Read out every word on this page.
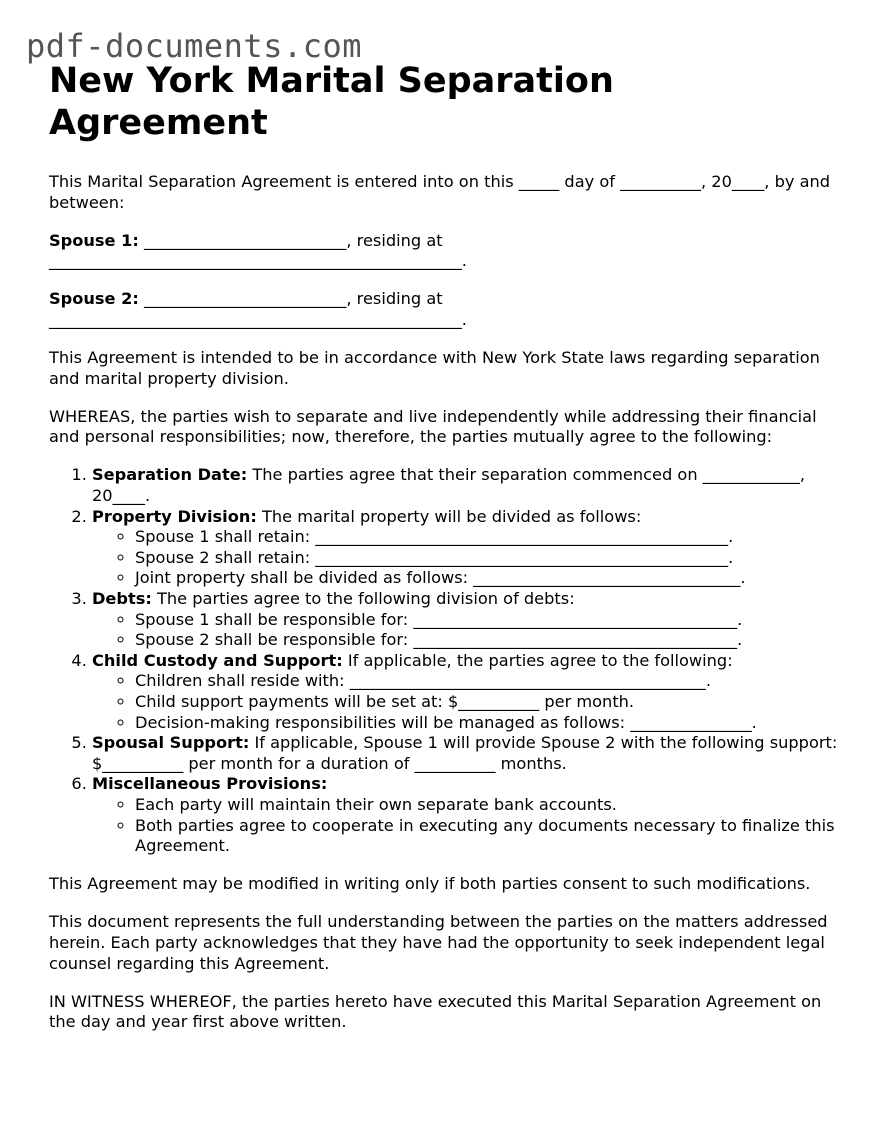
pdf-documents.com
New York Marital Separation Agreement

This Marital Separation Agreement is entered into on this _____ day of __________, 20____, by and between:

Spouse 1: _________________________, residing at ___________________________________________________.

Spouse 2: _________________________, residing at ___________________________________________________.

This Agreement is intended to be in accordance with New York State laws regarding separation and marital property division.

WHEREAS, the parties wish to separate and live independently while addressing their financial and personal responsibilities; now, therefore, the parties mutually agree to the following:

1. Separation Date: The parties agree that their separation commenced on ____________, 20____.
2. Property Division: The marital property will be divided as follows:
◦ Spouse 1 shall retain: ___________________________________________________.
◦ Spouse 2 shall retain: ___________________________________________________.
◦ Joint property shall be divided as follows: _________________________________.
3. Debts: The parties agree to the following division of debts:
◦ Spouse 1 shall be responsible for: ________________________________________.
◦ Spouse 2 shall be responsible for: ________________________________________.
4. Child Custody and Support: If applicable, the parties agree to the following:
◦ Children shall reside with: ____________________________________________.
◦ Child support payments will be set at: $__________ per month.
◦ Decision-making responsibilities will be managed as follows: _______________.
5. Spousal Support: If applicable, Spouse 1 will provide Spouse 2 with the following support: $__________ per month for a duration of __________ months.
6. Miscellaneous Provisions:
◦ Each party will maintain their own separate bank accounts.
◦ Both parties agree to cooperate in executing any documents necessary to finalize this Agreement.

This Agreement may be modified in writing only if both parties consent to such modifications.

This document represents the full understanding between the parties on the matters addressed herein. Each party acknowledges that they have had the opportunity to seek independent legal counsel regarding this Agreement.

IN WITNESS WHEREOF, the parties hereto have executed this Marital Separation Agreement on the day and year first above written.
